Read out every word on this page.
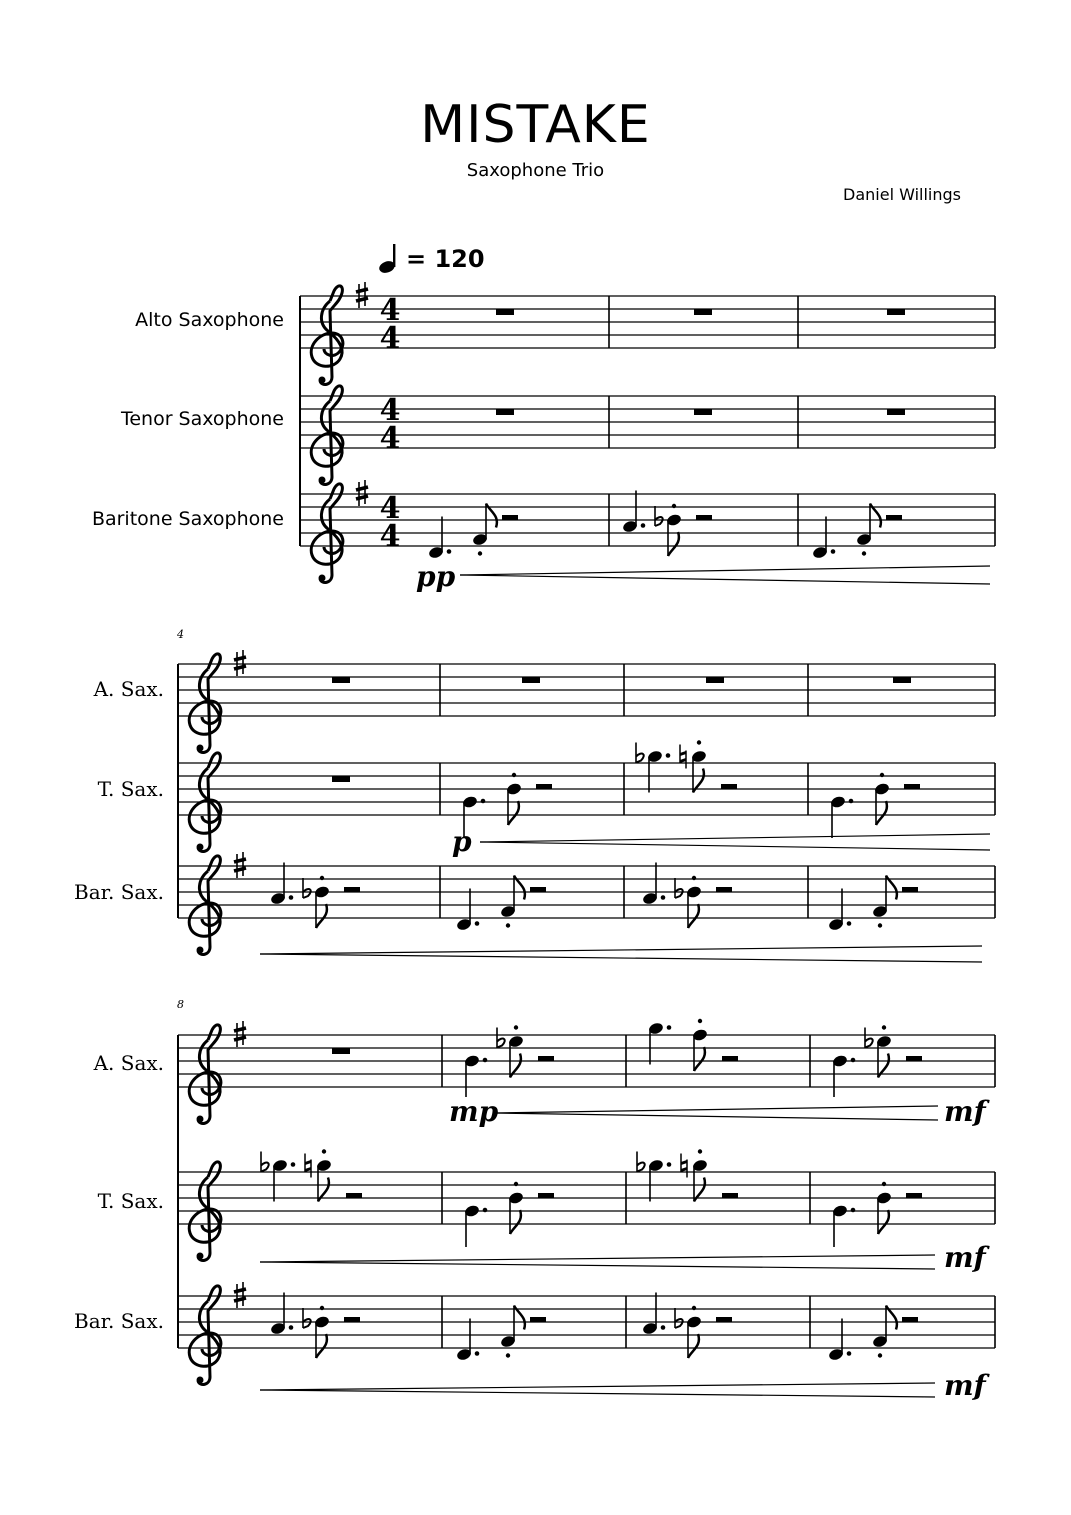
MISTAKE
Saxophone Trio
Daniel Willings
= 120
Alto Saxophone
Tenor Saxophone
Baritone Saxophone
A. Sax.
T. Sax.
Bar. Sax.
A. Sax.
T. Sax.
Bar. Sax.
4
4
4
4
4
4
pp
p
mp	mf
mf
mf
4
8
